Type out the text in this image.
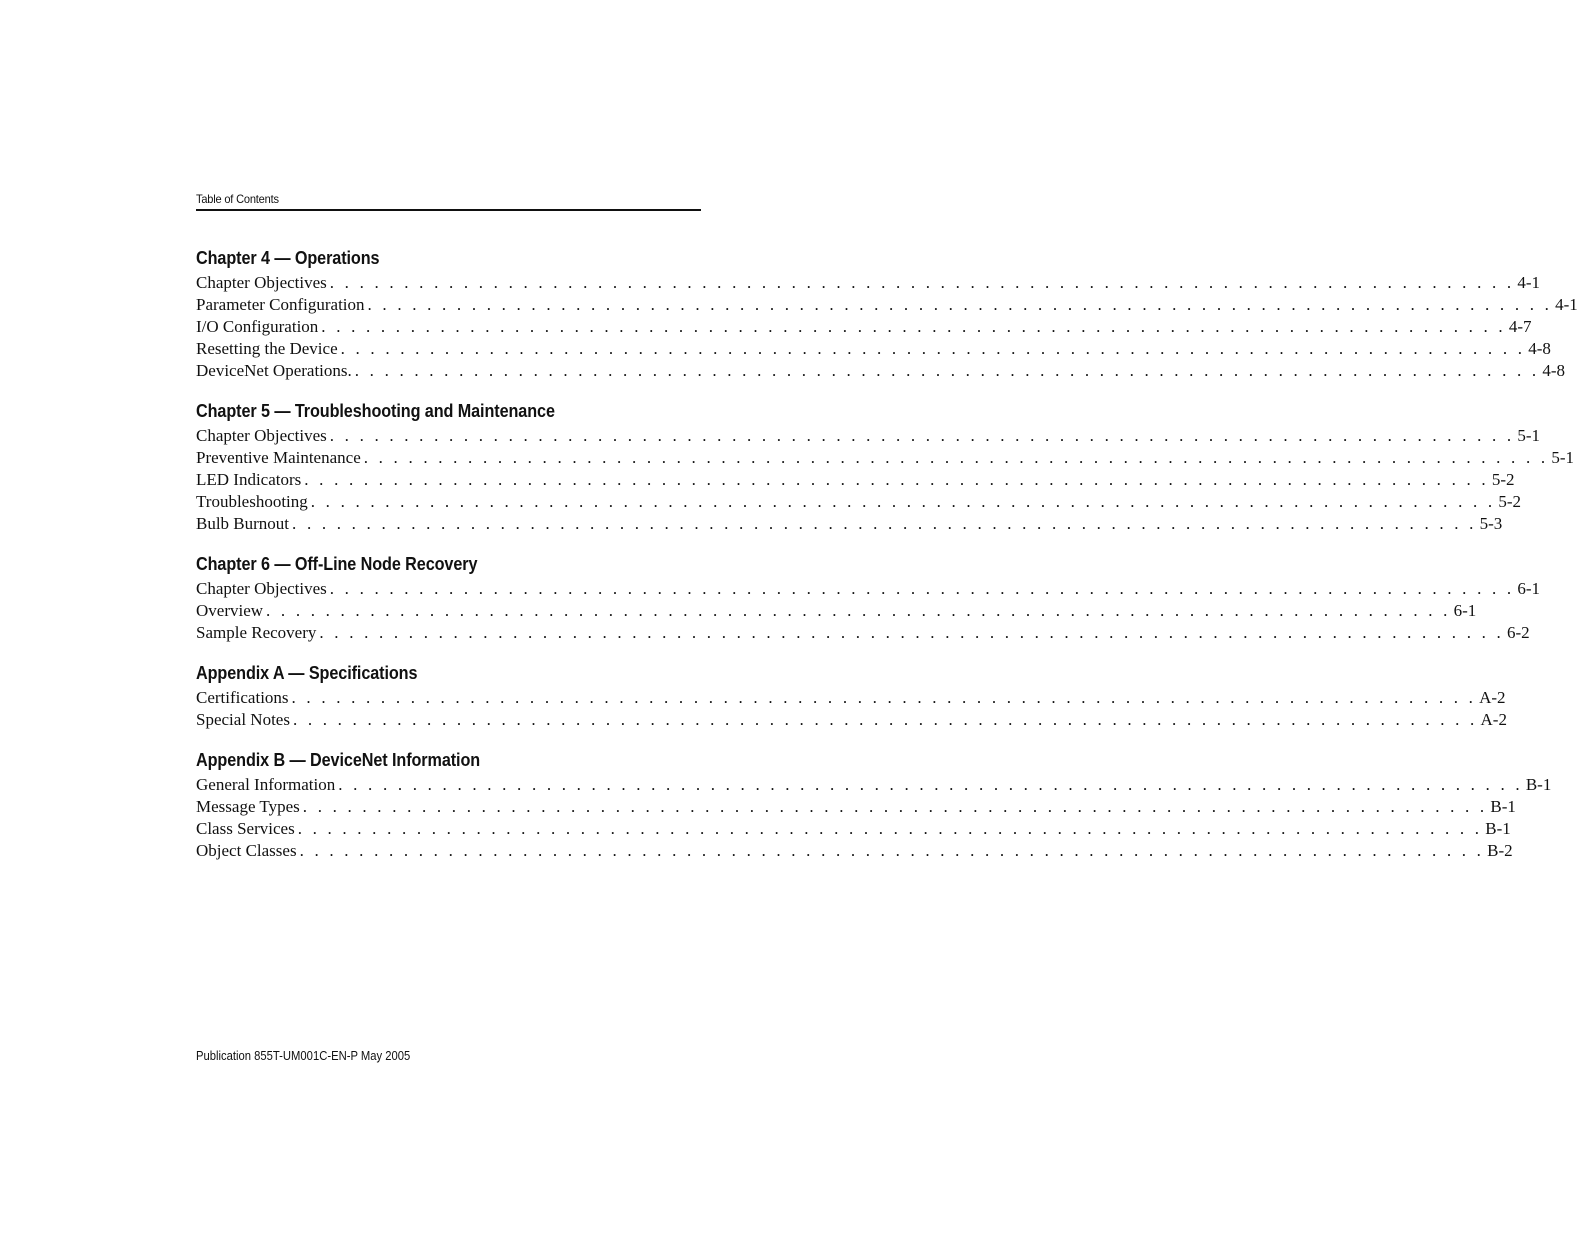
Table of Contents
Chapter 4 — Operations
Chapter Objectives . . . . . . . . . . . . . . . . . . . . . . . . . . . . . . . . . . . . . . . . . . . . . . . . . . . . . . . . . . . . . . . . . . . . . . . . . . . . . . . . 4-1
Parameter Configuration . . . . . . . . . . . . . . . . . . . . . . . . . . . . . . . . . . . . . . . . . . . . . . . . . . . . . . . . . . . . . . . . . . . . . . . . . . . . . . . . 4-1
I/O Configuration . . . . . . . . . . . . . . . . . . . . . . . . . . . . . . . . . . . . . . . . . . . . . . . . . . . . . . . . . . . . . . . . . . . . . . . . . . . . . . . . 4-7
Resetting the Device . . . . . . . . . . . . . . . . . . . . . . . . . . . . . . . . . . . . . . . . . . . . . . . . . . . . . . . . . . . . . . . . . . . . . . . . . . . . . . . . 4-8
DeviceNet Operations. . . . . . . . . . . . . . . . . . . . . . . . . . . . . . . . . . . . . . . . . . . . . . . . . . . . . . . . . . . . . . . . . . . . . . . . . . . . . . . . . 4-8
Chapter 5 — Troubleshooting and Maintenance
Chapter Objectives . . . . . . . . . . . . . . . . . . . . . . . . . . . . . . . . . . . . . . . . . . . . . . . . . . . . . . . . . . . . . . . . . . . . . . . . . . . . . . . . 5-1
Preventive Maintenance . . . . . . . . . . . . . . . . . . . . . . . . . . . . . . . . . . . . . . . . . . . . . . . . . . . . . . . . . . . . . . . . . . . . . . . . . . . . . . . . 5-1
LED Indicators . . . . . . . . . . . . . . . . . . . . . . . . . . . . . . . . . . . . . . . . . . . . . . . . . . . . . . . . . . . . . . . . . . . . . . . . . . . . . . . . 5-2
Troubleshooting . . . . . . . . . . . . . . . . . . . . . . . . . . . . . . . . . . . . . . . . . . . . . . . . . . . . . . . . . . . . . . . . . . . . . . . . . . . . . . . . 5-2
Bulb Burnout . . . . . . . . . . . . . . . . . . . . . . . . . . . . . . . . . . . . . . . . . . . . . . . . . . . . . . . . . . . . . . . . . . . . . . . . . . . . . . . . 5-3
Chapter 6 — Off-Line Node Recovery
Chapter Objectives . . . . . . . . . . . . . . . . . . . . . . . . . . . . . . . . . . . . . . . . . . . . . . . . . . . . . . . . . . . . . . . . . . . . . . . . . . . . . . . . 6-1
Overview . . . . . . . . . . . . . . . . . . . . . . . . . . . . . . . . . . . . . . . . . . . . . . . . . . . . . . . . . . . . . . . . . . . . . . . . . . . . . . . . 6-1
Sample Recovery . . . . . . . . . . . . . . . . . . . . . . . . . . . . . . . . . . . . . . . . . . . . . . . . . . . . . . . . . . . . . . . . . . . . . . . . . . . . . . . . 6-2
Appendix A — Specifications
Certifications . . . . . . . . . . . . . . . . . . . . . . . . . . . . . . . . . . . . . . . . . . . . . . . . . . . . . . . . . . . . . . . . . . . . . . . . . . . . . . . . A-2
Special Notes . . . . . . . . . . . . . . . . . . . . . . . . . . . . . . . . . . . . . . . . . . . . . . . . . . . . . . . . . . . . . . . . . . . . . . . . . . . . . . . . A-2
Appendix B — DeviceNet Information
General Information . . . . . . . . . . . . . . . . . . . . . . . . . . . . . . . . . . . . . . . . . . . . . . . . . . . . . . . . . . . . . . . . . . . . . . . . . . . . . . . . B-1
Message Types . . . . . . . . . . . . . . . . . . . . . . . . . . . . . . . . . . . . . . . . . . . . . . . . . . . . . . . . . . . . . . . . . . . . . . . . . . . . . . . . B-1
Class Services . . . . . . . . . . . . . . . . . . . . . . . . . . . . . . . . . . . . . . . . . . . . . . . . . . . . . . . . . . . . . . . . . . . . . . . . . . . . . . . . B-1
Object Classes . . . . . . . . . . . . . . . . . . . . . . . . . . . . . . . . . . . . . . . . . . . . . . . . . . . . . . . . . . . . . . . . . . . . . . . . . . . . . . . . B-2
Publication 855T-UM001C-EN-P May 2005
